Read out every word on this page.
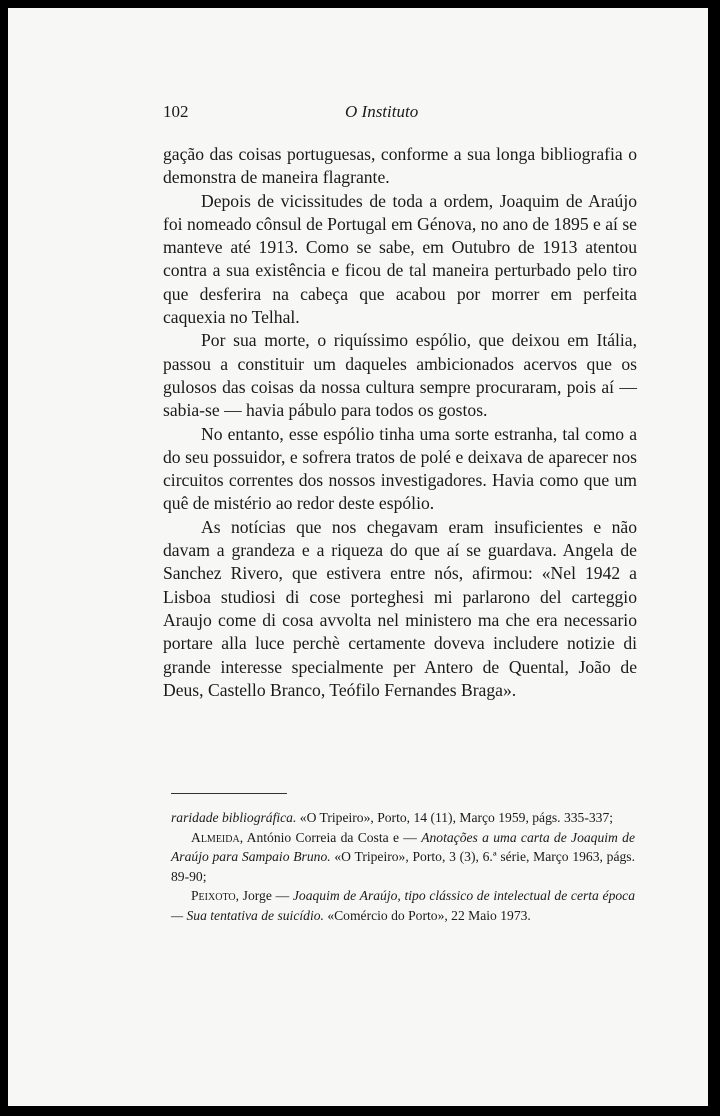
102	O Instituto

gação das coisas portuguesas, conforme a sua longa bibliografia o demonstra de maneira flagrante.

Depois de vicissitudes de toda a ordem, Joaquim de Araújo foi nomeado cônsul de Portugal em Génova, no ano de 1895 e aí se manteve até 1913. Como se sabe, em Outubro de 1913 atentou contra a sua existência e ficou de tal maneira perturbado pelo tiro que desferira na cabeça que acabou por morrer em perfeita caquexia no Telhal.

Por sua morte, o riquíssimo espólio, que deixou em Itália, passou a constituir um daqueles ambicionados acervos que os gulosos das coisas da nossa cultura sempre procuraram, pois aí — sabia-se — havia pábulo para todos os gostos.

No entanto, esse espólio tinha uma sorte estranha, tal como a do seu possuidor, e sofrera tratos de polé e deixava de aparecer nos circuitos correntes dos nossos investigadores. Havia como que um quê de mistério ao redor deste espólio.

As notícias que nos chegavam eram insuficientes e não davam a grandeza e a riqueza do que aí se guardava. Angela de Sanchez Rivero, que estivera entre nós, afirmou: «Nel 1942 a Lisboa studiosi di cose porteghesi mi parlarono del carteggio Araujo come di cosa avvolta nel ministero ma che era necessario portare alla luce perchè certamente doveva includere notizie di grande interesse specialmente per Antero de Quental, João de Deus, Castello Branco, Teófilo Fernandes Braga».

raridade bibliográfica. «O Tripeiro», Porto, 14 (11), Março 1959, págs. 335-337;

Almeida, António Correia da Costa e — Anotações a uma carta de Joaquim de Araújo para Sampaio Bruno. «O Tripeiro», Porto, 3 (3), 6.ª série, Março 1963, págs. 89-90;

Peixoto, Jorge — Joaquim de Araújo, tipo clássico de intelectual de certa época — Sua tentativa de suicídio. «Comércio do Porto», 22 Maio 1973.
